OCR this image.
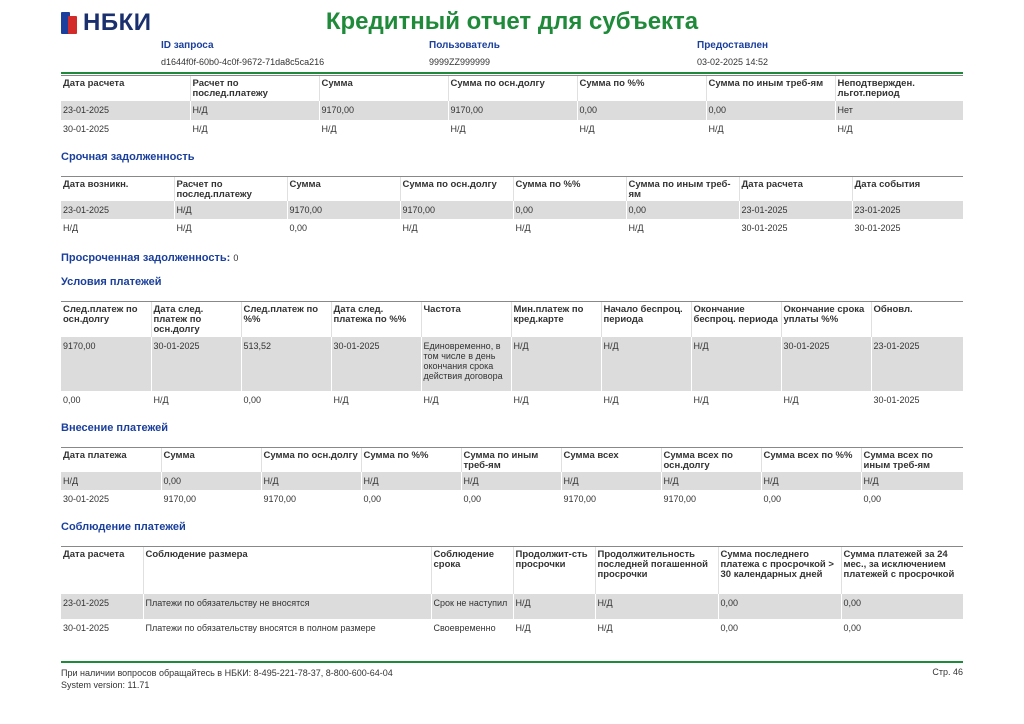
НБКИ	Кредитный отчет для субъекта
ID запроса
d1644f0f-60b0-4c0f-9672-71da8c5ca216
Пользователь
9999ZZ999999
Предоставлен
03-02-2025 14:52
Дата расчета	Расчет по послед.платежу	Сумма	Сумма по осн.долгу	Сумма по %%	Сумма по иным треб-ям	Неподтвержден. льгот.период
23-01-2025	Н/Д	9170,00	9170,00	0,00	0,00	Нет
30-01-2025	Н/Д	Н/Д	Н/Д	Н/Д	Н/Д	Н/Д
Срочная задолженность
Дата возникн.	Расчет по послед.платежу	Сумма	Сумма по осн.долгу	Сумма по %%	Сумма по иным треб-ям	Дата расчета	Дата события
23-01-2025	Н/Д	9170,00	9170,00	0,00	0,00	23-01-2025	23-01-2025
Н/Д	Н/Д	0,00	Н/Д	Н/Д	Н/Д	30-01-2025	30-01-2025
Просроченная задолженность: 0
Условия платежей
След.платеж по осн.долгу	Дата след. платеж по осн.долгу	След.платеж по %%	Дата след. платежа по %%	Частота	Мин.платеж по кред.карте	Начало беспроц. периода	Окончание беспроц. периода	Окончание срока уплаты %%	Обновл.
9170,00	30-01-2025	513,52	30-01-2025	Единовременно, в том числе в день окончания срока действия договора	Н/Д	Н/Д	Н/Д	30-01-2025	23-01-2025
0,00	Н/Д	0,00	Н/Д	Н/Д	Н/Д	Н/Д	Н/Д	Н/Д	30-01-2025
Внесение платежей
Дата платежа	Сумма	Сумма по осн.долгу	Сумма по %%	Сумма по иным треб-ям	Сумма всех	Сумма всех по осн.долгу	Сумма всех по %%	Сумма всех по иным треб-ям
Н/Д	0,00	Н/Д	Н/Д	Н/Д	Н/Д	Н/Д	Н/Д	Н/Д
30-01-2025	9170,00	9170,00	0,00	0,00	9170,00	9170,00	0,00	0,00
Соблюдение платежей
Дата расчета	Соблюдение размера	Соблюдение срока	Продолжит-сть просрочки	Продолжительность последней погашенной просрочки	Сумма последнего платежа с просрочкой > 30 календарных дней	Сумма платежей за 24 мес., за исключением платежей с просрочкой
23-01-2025	Платежи по обязательству не вносятся	Срок не наступил	Н/Д	Н/Д	0,00	0,00
30-01-2025	Платежи по обязательству вносятся в полном размере	Своевременно	Н/Д	Н/Д	0,00	0,00
При наличии вопросов обращайтесь в НБКИ: 8-495-221-78-37, 8-800-600-64-04
System version: 11.71
Стр. 46
